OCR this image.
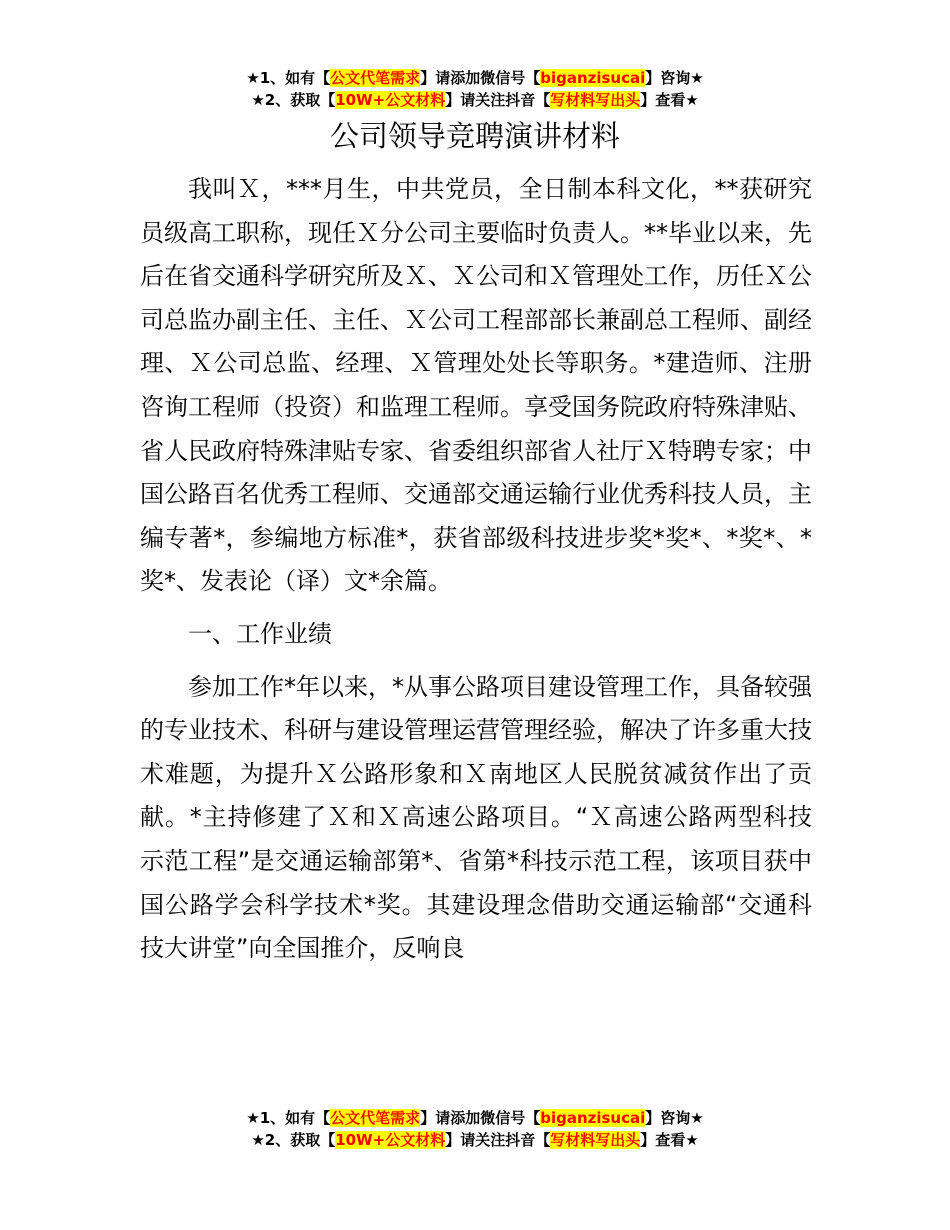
★1、如有【公文代笔需求】请添加微信号【biganzisucai】咨询★
★2、获取【10W+公文材料】请关注抖音【写材料写出头】查看★
公司领导竞聘演讲材料

我叫Ｘ，***月生，中共党员，全日制本科文化，**获研究员级高工职称，现任Ｘ分公司主要临时负责人。**毕业以来，先后在省交通科学研究所及Ｘ、Ｘ公司和Ｘ管理处工作，历任Ｘ公司总监办副主任、主任、Ｘ公司工程部部长兼副总工程师、副经理、Ｘ公司总监、经理、Ｘ管理处处长等职务。*建造师、注册咨询工程师（投资）和监理工程师。享受国务院政府特殊津贴、省人民政府特殊津贴专家、省委组织部省人社厅Ｘ特聘专家；中国公路百名优秀工程师、交通部交通运输行业优秀科技人员，主编专著*，参编地方标准*，获省部级科技进步奖*奖*、*奖*、*奖*、发表论（译）文*余篇。

一、工作业绩

参加工作*年以来，*从事公路项目建设管理工作，具备较强的专业技术、科研与建设管理运营管理经验，解决了许多重大技术难题，为提升Ｘ公路形象和Ｘ南地区人民脱贫减贫作出了贡献。*主持修建了Ｘ和Ｘ高速公路项目。“Ｘ高速公路两型科技示范工程”是交通运输部第*、省第*科技示范工程，该项目获中国公路学会科学技术*奖。其建设理念借助交通运输部“交通科技大讲堂”向全国推介，反响良

★1、如有【公文代笔需求】请添加微信号【biganzisucai】咨询★
★2、获取【10W+公文材料】请关注抖音【写材料写出头】查看★
